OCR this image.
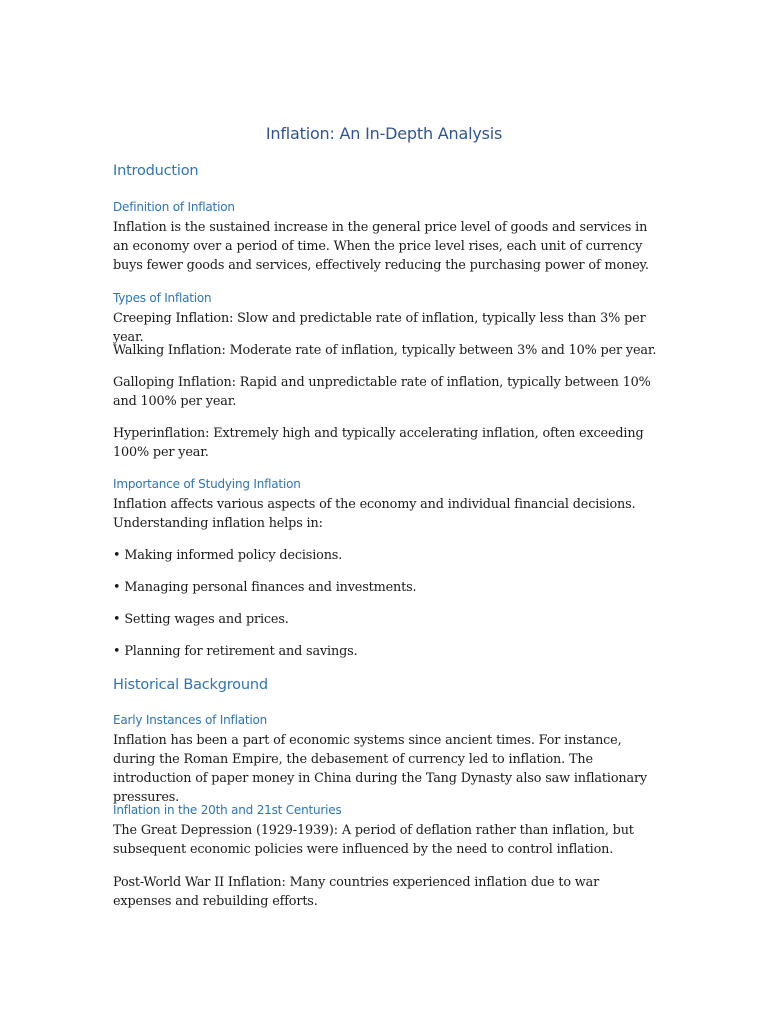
Inflation: An In-Depth Analysis
Introduction
Definition of Inflation
Inflation is the sustained increase in the general price level of goods and services in an economy over a period of time. When the price level rises, each unit of currency buys fewer goods and services, effectively reducing the purchasing power of money.
Types of Inflation
Creeping Inflation: Slow and predictable rate of inflation, typically less than 3% per year.
Walking Inflation: Moderate rate of inflation, typically between 3% and 10% per year.
Galloping Inflation: Rapid and unpredictable rate of inflation, typically between 10% and 100% per year.
Hyperinflation: Extremely high and typically accelerating inflation, often exceeding 100% per year.
Importance of Studying Inflation
Inflation affects various aspects of the economy and individual financial decisions. Understanding inflation helps in:
• Making informed policy decisions.
• Managing personal finances and investments.
• Setting wages and prices.
• Planning for retirement and savings.
Historical Background
Early Instances of Inflation
Inflation has been a part of economic systems since ancient times. For instance, during the Roman Empire, the debasement of currency led to inflation. The introduction of paper money in China during the Tang Dynasty also saw inflationary pressures.
Inflation in the 20th and 21st Centuries
The Great Depression (1929-1939): A period of deflation rather than inflation, but subsequent economic policies were influenced by the need to control inflation.
Post-World War II Inflation: Many countries experienced inflation due to war expenses and rebuilding efforts.
